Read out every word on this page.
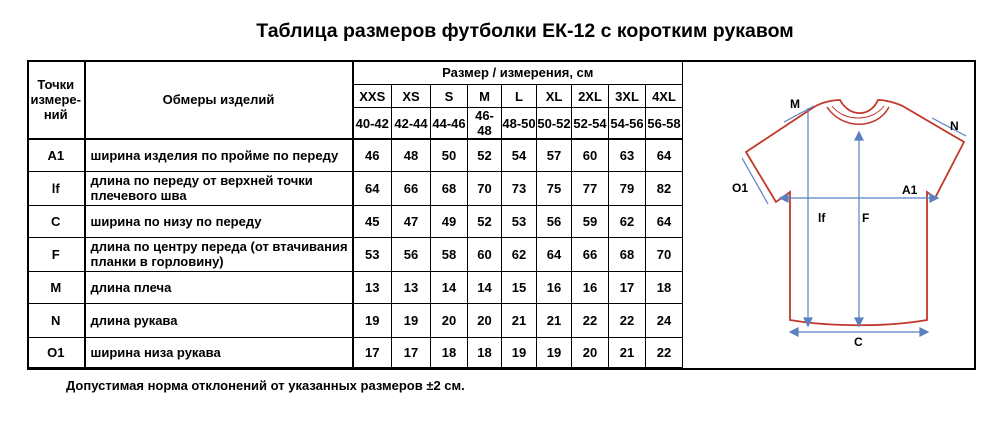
Таблица размеров футболки ЕК-12 с коротким рукавом
Точки измере-ний	Обмеры изделий	Размер / измерения, см								
		XXS	XS	S	M	L	XL	2XL	3XL	4XL
		40-42	42-44	44-46	46-48	48-50	50-52	52-54	54-56	56-58
A1	ширина изделия по пройме по переду	46	48	50	52	54	57	60	63	64
lf	длина по переду от верхней точки плечевого шва	64	66	68	70	73	75	77	79	82
C	ширина по низу по переду	45	47	49	52	53	56	59	62	64
F	длина по центру переда (от втачивания планки в горловину)	53	56	58	60	62	64	66	68	70
M	длина плеча	13	13	14	14	15	16	16	17	18
N	длина рукава	19	19	20	20	21	21	22	22	24
O1	ширина низа рукава	17	17	18	18	19	19	20	21	22
M
N
O1	A1
lf	F
C
Допустимая норма отклонений от указанных размеров ±2 см.
